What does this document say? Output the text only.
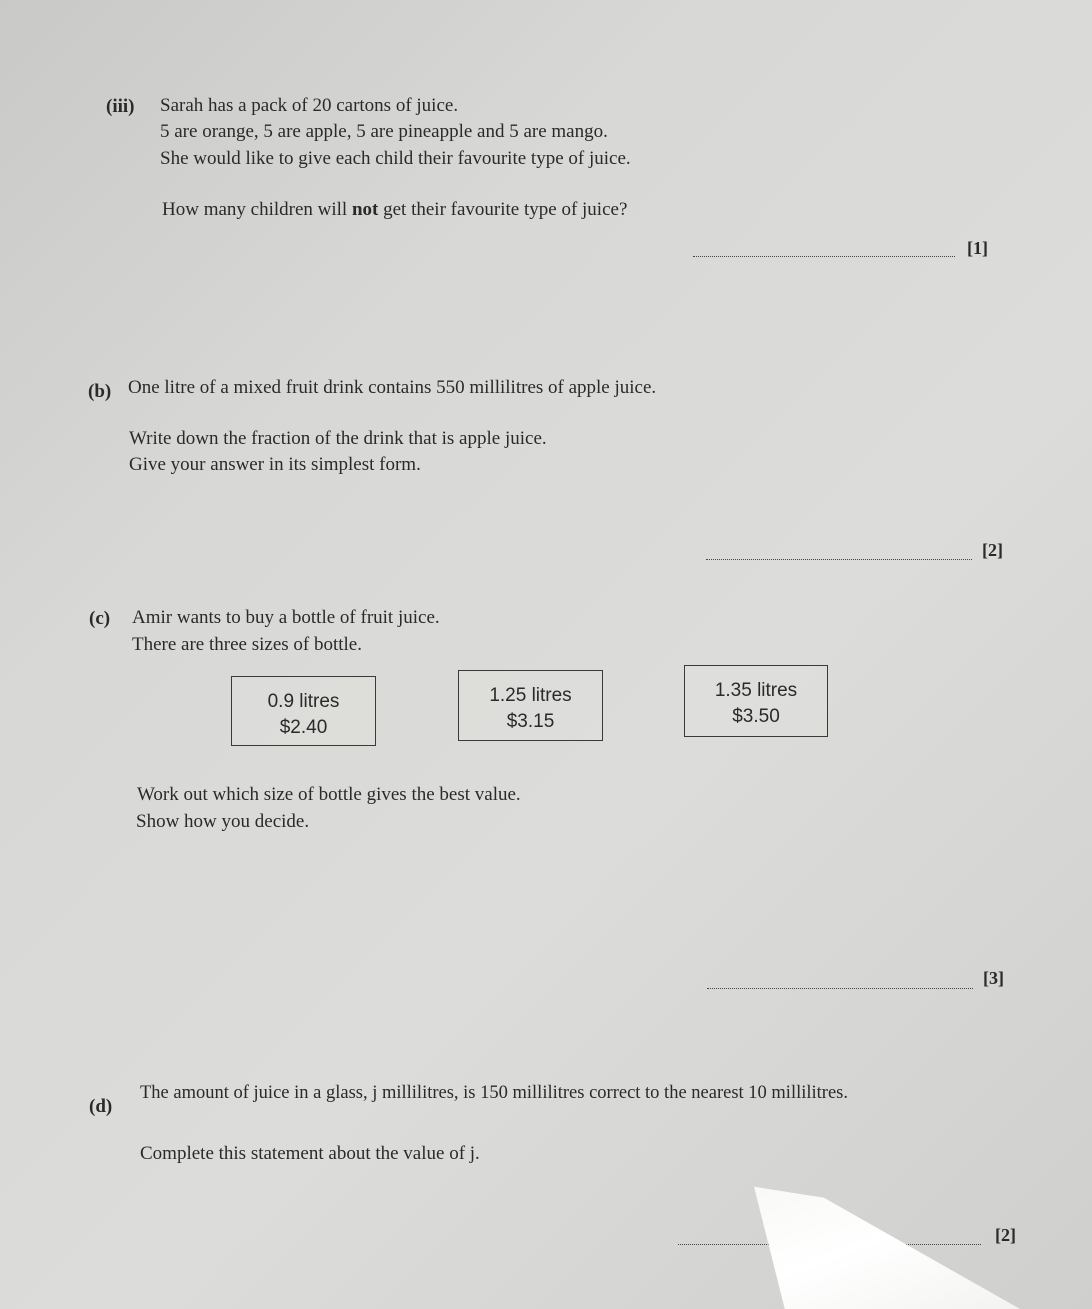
(iii) Sarah has a pack of 20 cartons of juice.
5 are orange, 5 are apple, 5 are pineapple and 5 are mango.
She would like to give each child their favourite type of juice.
How many children will not get their favourite type of juice?
[1]
(b) One litre of a mixed fruit drink contains 550 millilitres of apple juice.
Write down the fraction of the drink that is apple juice.
Give your answer in its simplest form.
[2]
(c) Amir wants to buy a bottle of fruit juice.
There are three sizes of bottle.
0.9 litres
$2.40
1.25 litres
$3.15
1.35 litres
$3.50
Work out which size of bottle gives the best value.
Show how you decide.
[3]
(d)
The amount of juice in a glass, j millilitres, is 150 millilitres correct to the nearest 10 millilitres.
Complete this statement about the value of j.
[2]
